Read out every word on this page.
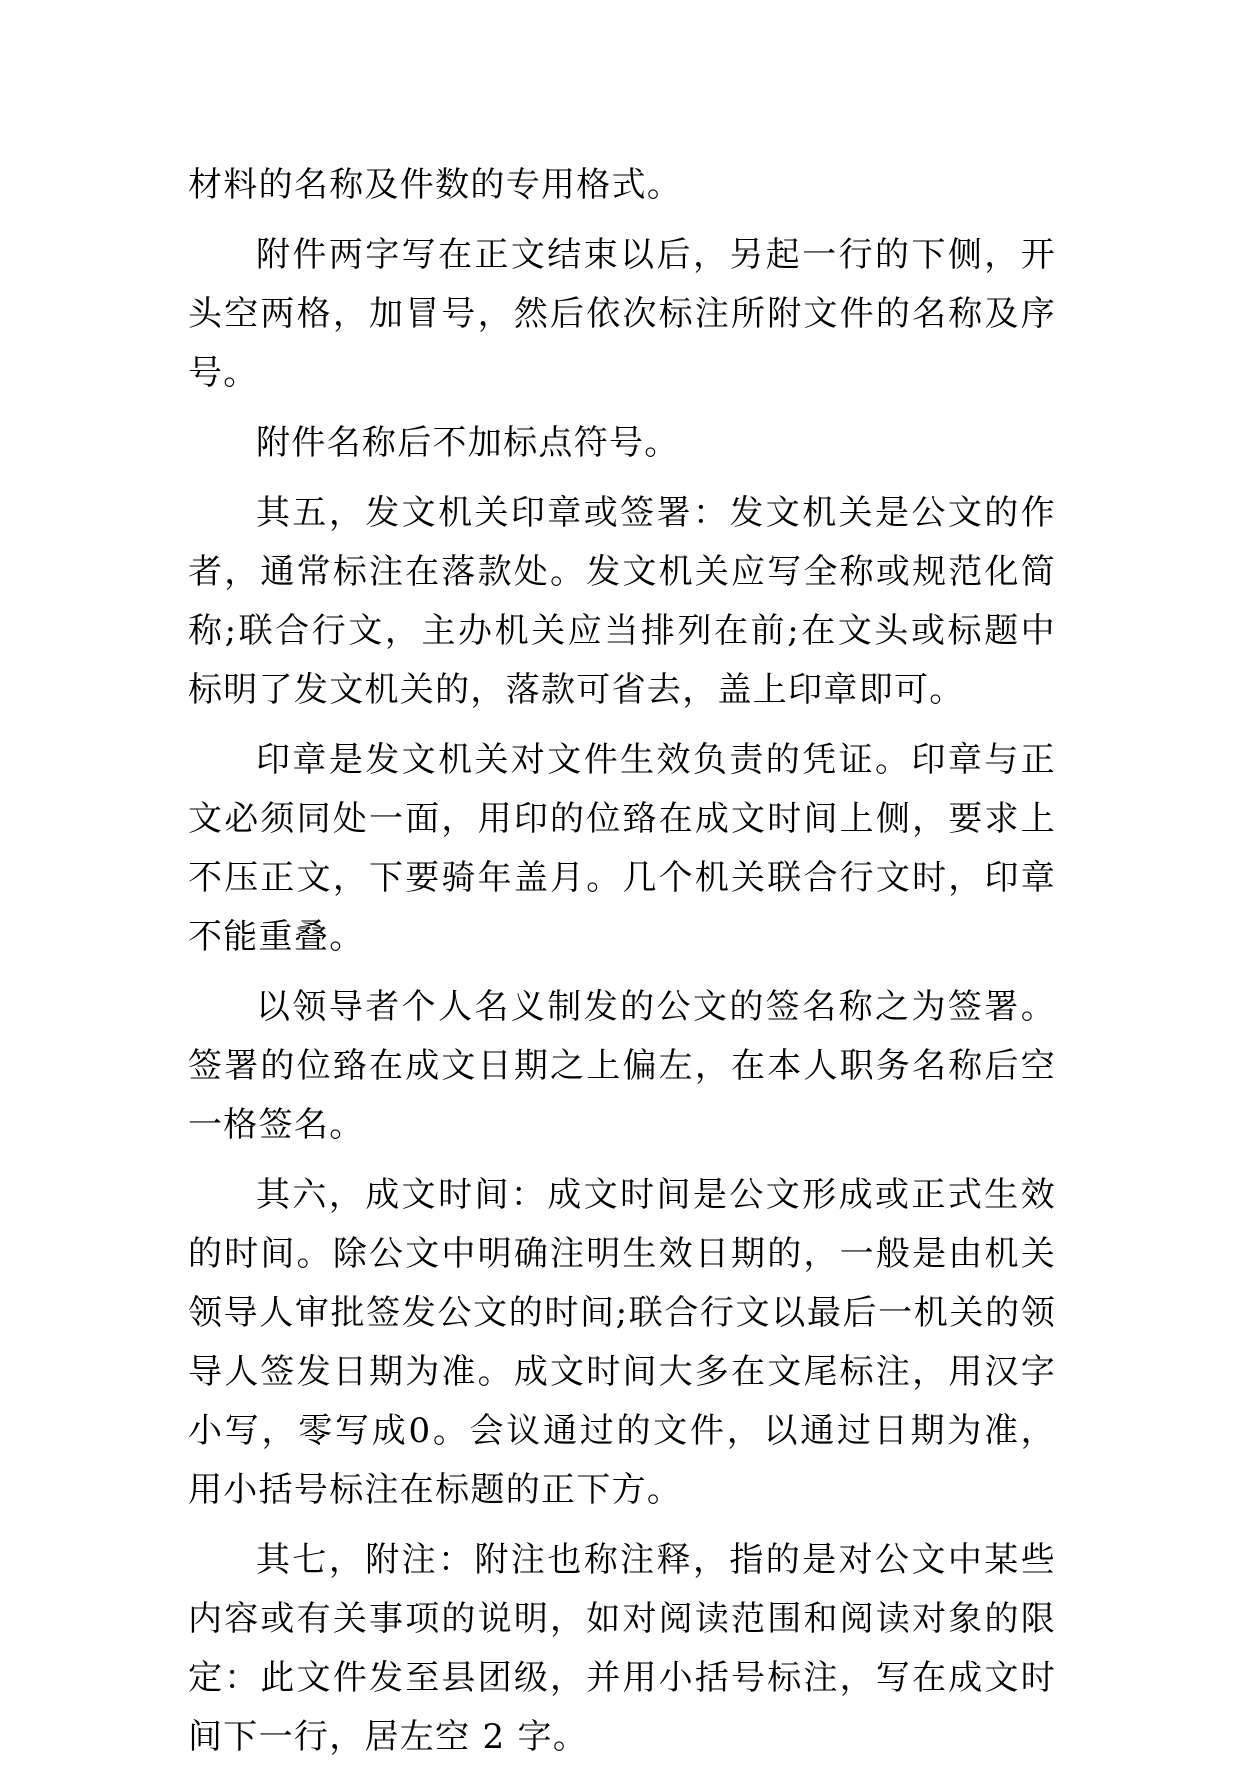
材料的名称及件数的专用格式。

附件两字写在正文结束以后，另起一行的下侧，开头空两格，加冒号，然后依次标注所附文件的名称及序号。

附件名称后不加标点符号。

其五，发文机关印章或签署：发文机关是公文的作者，通常标注在落款处。发文机关应写全称或规范化简称;联合行文，主办机关应当排列在前;在文头或标题中标明了发文机关的，落款可省去，盖上印章即可。

印章是发文机关对文件生效负责的凭证。印章与正文必须同处一面，用印的位臵在成文时间上侧，要求上不压正文，下要骑年盖月。几个机关联合行文时，印章不能重叠。

以领导者个人名义制发的公文的签名称之为签署。签署的位臵在成文日期之上偏左，在本人职务名称后空一格签名。

其六，成文时间：成文时间是公文形成或正式生效的时间。除公文中明确注明生效日期的，一般是由机关领导人审批签发公文的时间;联合行文以最后一机关的领导人签发日期为准。成文时间大多在文尾标注，用汉字小写，零写成0。会议通过的文件，以通过日期为准，用小括号标注在标题的正下方。

其七，附注：附注也称注释，指的是对公文中某些内容或有关事项的说明，如对阅读范围和阅读对象的限定：此文件发至县团级，并用小括号标注，写在成文时间下一行，居左空 2 字。
